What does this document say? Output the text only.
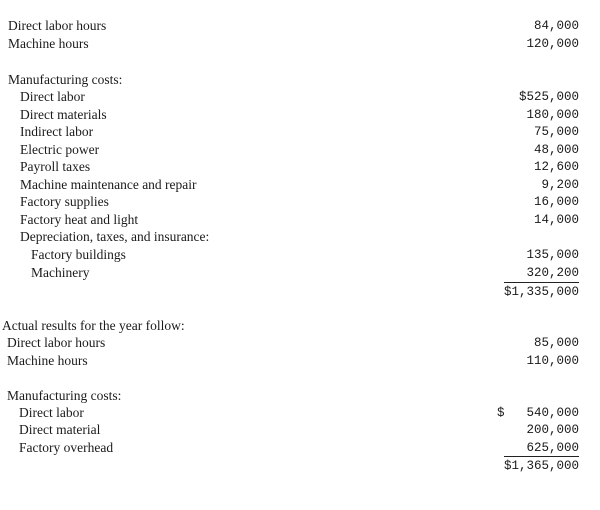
Direct labor hours	84,000
Machine hours	120,000
Manufacturing costs:
Direct labor	$525,000
Direct materials	180,000
Indirect labor	75,000
Electric power	48,000
Payroll taxes	12,600
Machine maintenance and repair	9,200
Factory supplies	16,000
Factory heat and light	14,000
Depreciation, taxes, and insurance:
Factory buildings	135,000
Machinery	320,200
$1,335,000
Actual results for the year follow:
Direct labor hours	85,000
Machine hours	110,000
Manufacturing costs:
Direct labor	$ 540,000
Direct material	200,000
Factory overhead	625,000
$1,365,000
